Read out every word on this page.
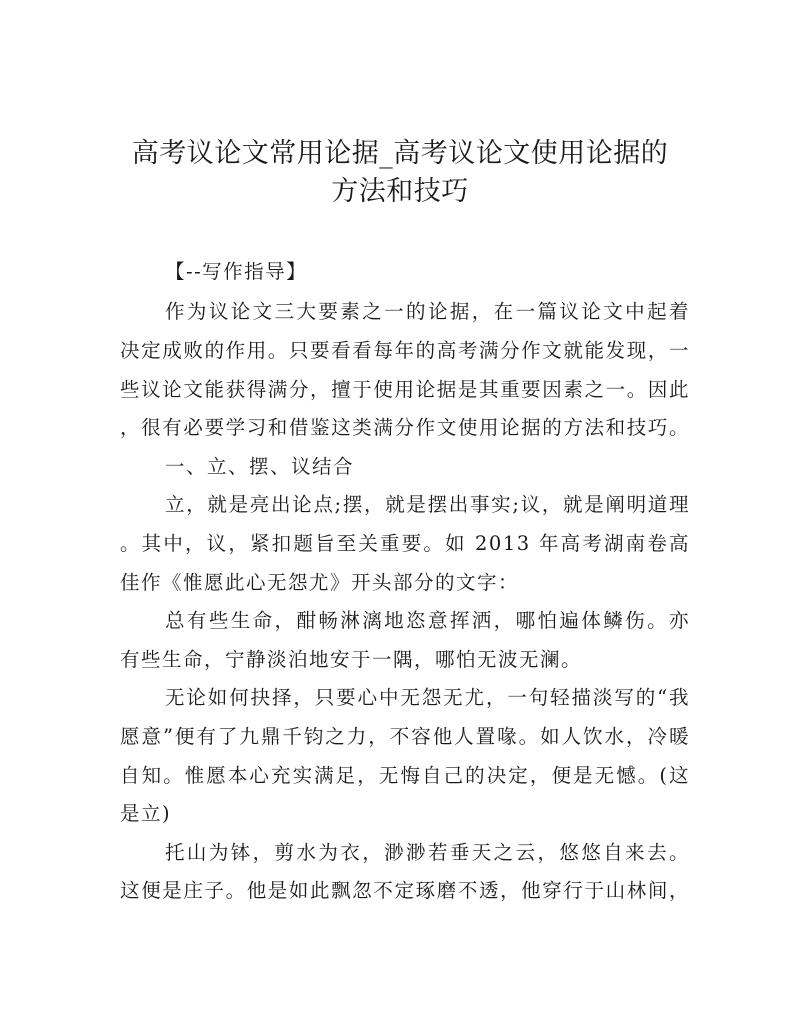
高考议论文常用论据_高考议论文使用论据的
方法和技巧
【--写作指导】
作为议论文三大要素之一的论据，在一篇议论文中起着
决定成败的作用。只要看看每年的高考满分作文就能发现，一
些议论文能获得满分，擅于使用论据是其重要因素之一。因此
，很有必要学习和借鉴这类满分作文使用论据的方法和技巧。
一、立、摆、议结合
立，就是亮出论点;摆，就是摆出事实;议，就是阐明道理
。其中，议，紧扣题旨至关重要。如 2013 年高考湖南卷高
佳作《惟愿此心无怨尤》开头部分的文字：
总有些生命，酣畅淋漓地恣意挥洒，哪怕遍体鳞伤。亦
有些生命，宁静淡泊地安于一隅，哪怕无波无澜。
无论如何抉择，只要心中无怨无尤，一句轻描淡写的“我
愿意”便有了九鼎千钧之力，不容他人置喙。如人饮水，冷暖
自知。惟愿本心充实满足，无悔自己的决定，便是无憾。(这
是立)
托山为钵，剪水为衣，渺渺若垂天之云，悠悠自来去。
这便是庄子。他是如此飘忽不定琢磨不透，他穿行于山林间，
